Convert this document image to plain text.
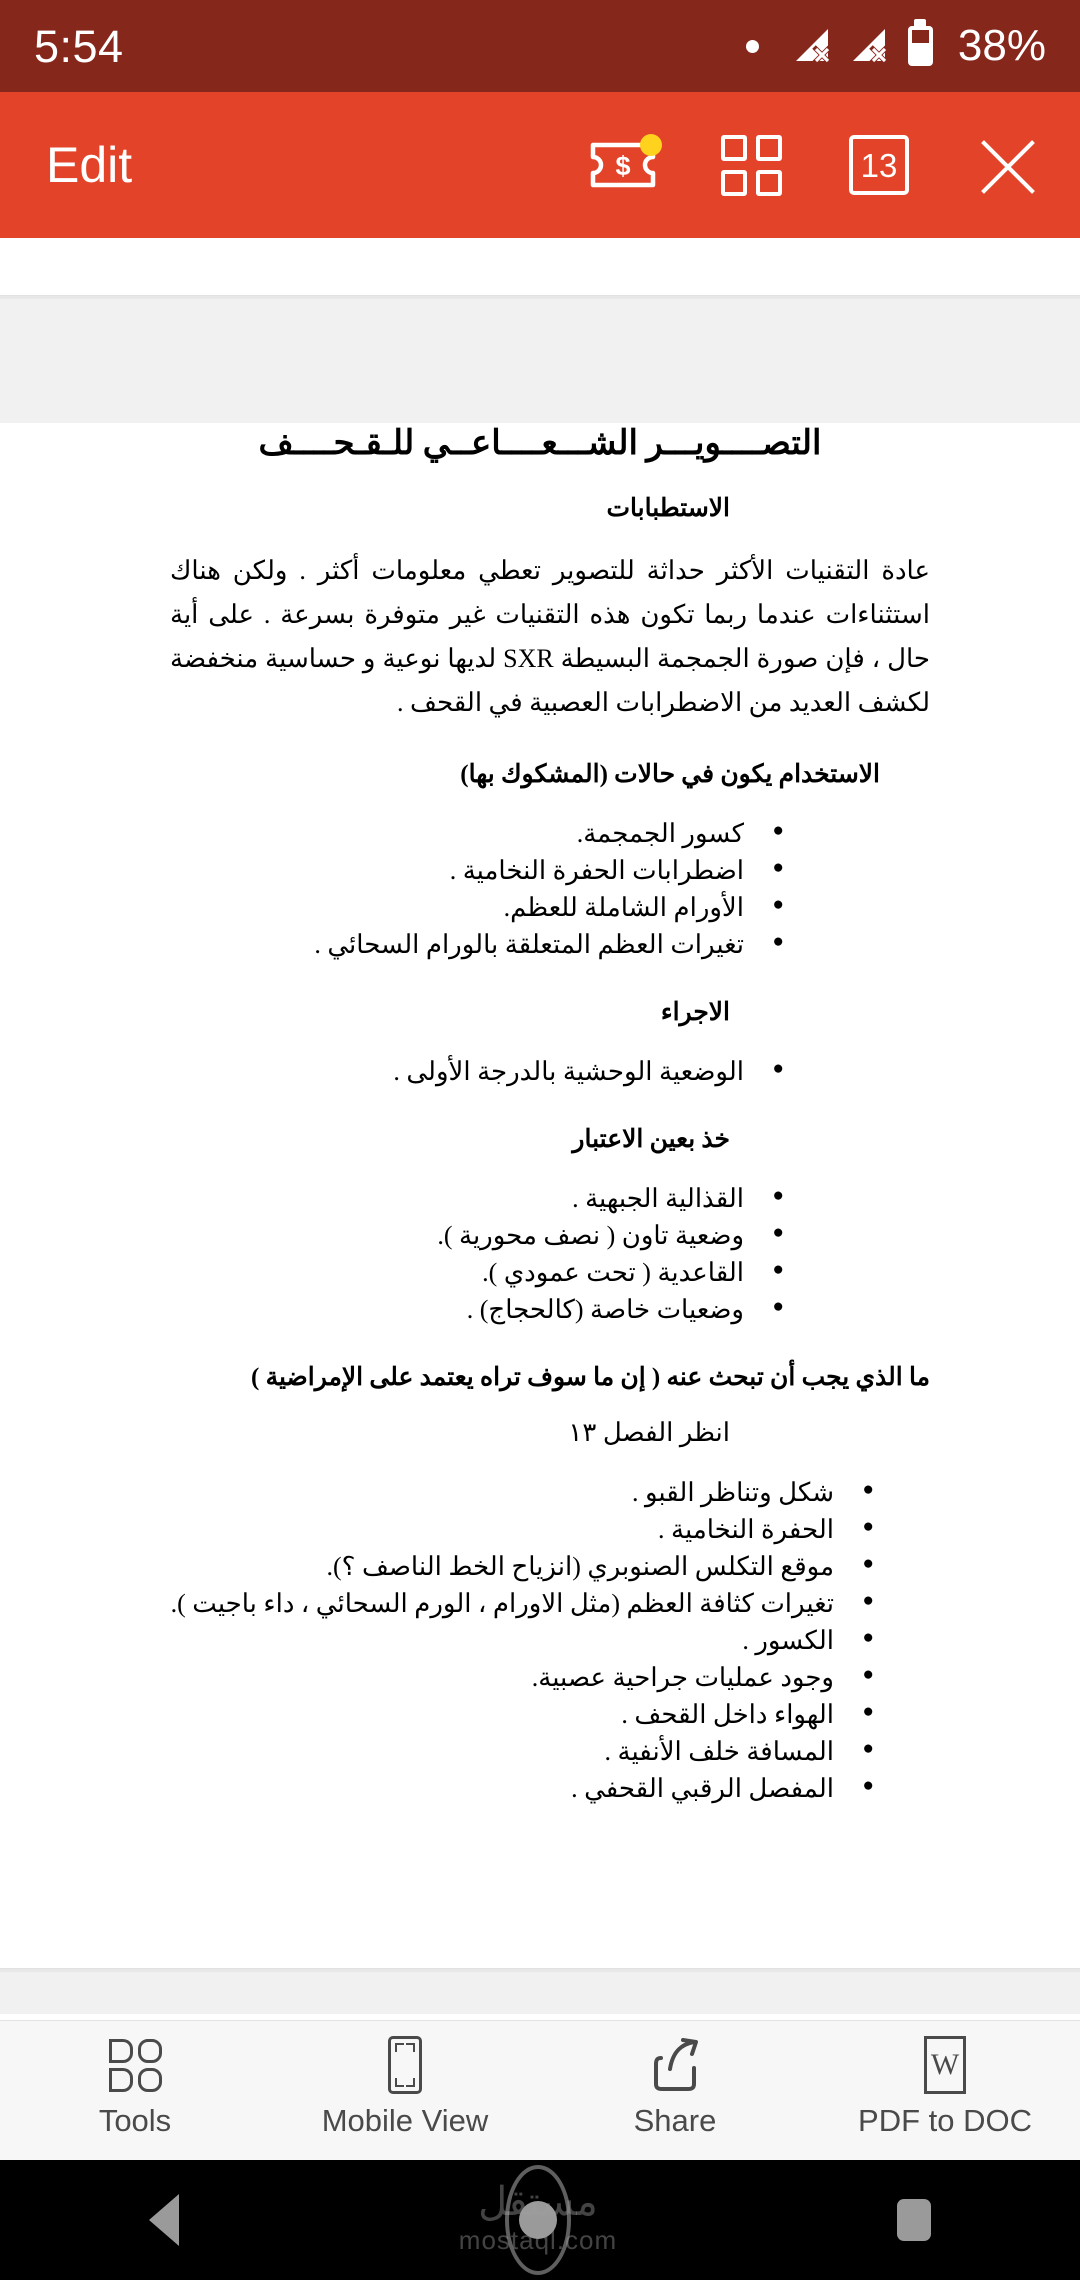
5:54	38%
Edit	$	13
التصــــويـــر الشـــعــــاعــي للـقـحــــف
الاستطبابات

عادة التقنيات الأكثر حداثة للتصوير تعطي معلومات أكثر . ولكن هناك استثناءات عندما ربما تكون هذه التقنيات غير متوفرة بسرعة . على أية حال ، فإن صورة الجمجمة البسيطة SXR لديها نوعية و حساسية منخفضة لكشف العديد من الاضطرابات العصبية في القحف .

الاستخدام يكون في حالات (المشكوك بها)
● كسور الجمجمة.
● اضطرابات الحفرة النخامية .
● الأورام الشاملة للعظم.
● تغيرات العظم المتعلقة بالورام السحائي .
الاجراء
● الوضعية الوحشية بالدرجة الأولى .
خذ بعين الاعتبار
● القذالية الجبهية .
● وضعية تاون ( نصف محورية ).
● القاعدية ( تحت عمودي ).
● وضعيات خاصة (كالحجاج) .
ما الذي يجب أن تبحث عنه ( إن ما سوف تراه يعتمد على الإمراضية )
انظر الفصل ١٣
● شكل وتناظر القبو .
● الحفرة النخامية .
● موقع التكلس الصنوبري (انزياح الخط الناصف ؟).
● تغيرات كثافة العظم (مثل الاورام ، الورم السحائي ، داء باجيت ).
● الكسور .
● وجود عمليات جراحية عصبية.
● الهواء داخل القحف .
● المسافة خلف الأنفية .
● المفصل الرقبي القحفي .
Tools	Mobile View	Share
W
PDF to DOC
مستقل
mostaql.com
